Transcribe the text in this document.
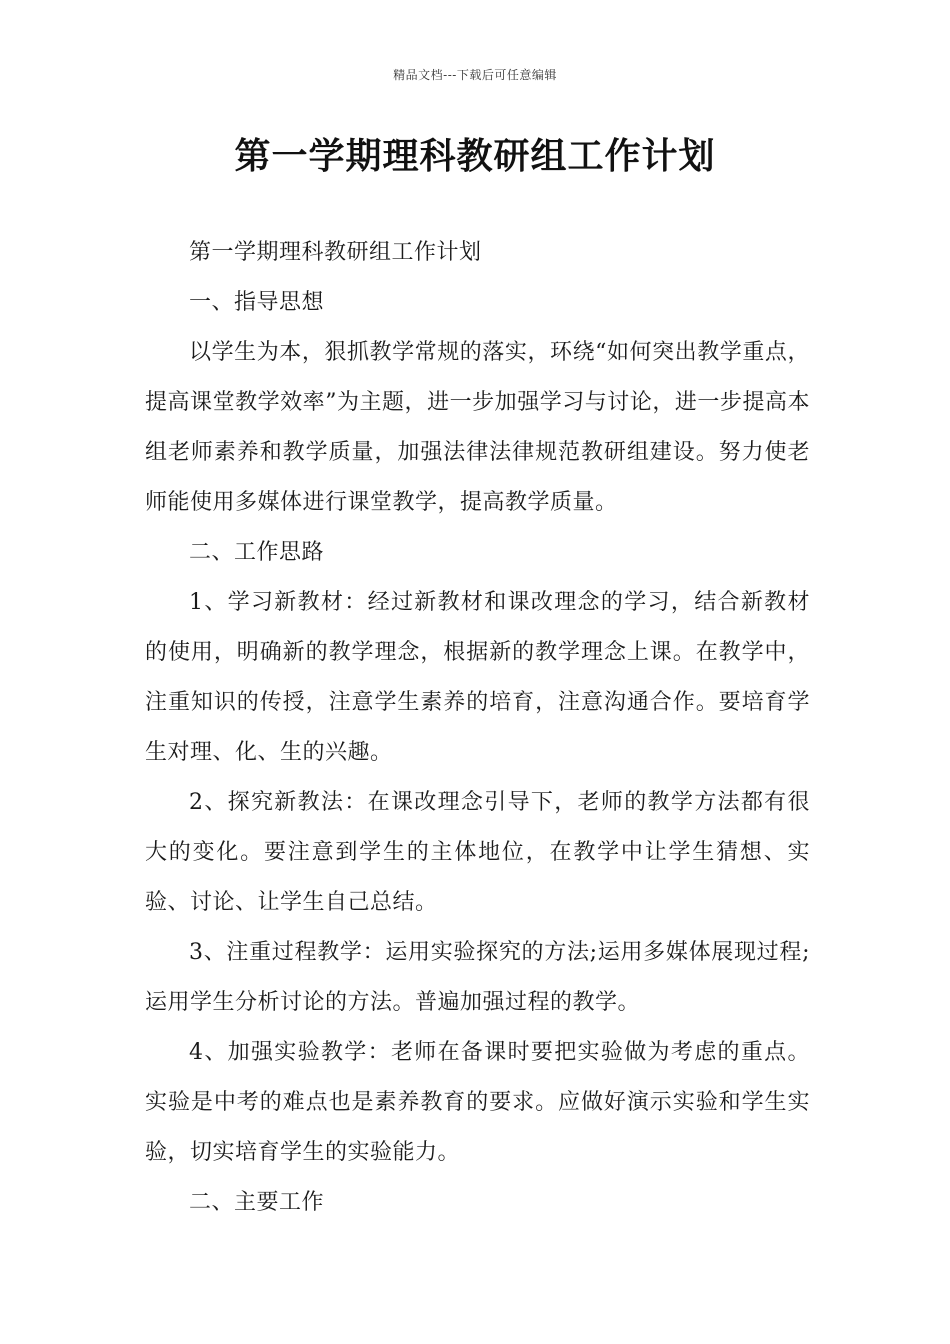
精品文档---下载后可任意编辑
第一学期理科教研组工作计划

第一学期理科教研组工作计划

一、指导思想

以学生为本，狠抓教学常规的落实，环绕“如何突出教学重点，提高课堂教学效率”为主题，进一步加强学习与讨论，进一步提高本组老师素养和教学质量，加强法律法律规范教研组建设。努力使老师能使用多媒体进行课堂教学，提高教学质量。

二、工作思路

1、学习新教材：经过新教材和课改理念的学习，结合新教材的使用，明确新的教学理念，根据新的教学理念上课。在教学中，注重知识的传授，注意学生素养的培育，注意沟通合作。要培育学生对理、化、生的兴趣。

2、探究新教法：在课改理念引导下，老师的教学方法都有很大的变化。要注意到学生的主体地位，在教学中让学生猜想、实验、讨论、让学生自己总结。

3、注重过程教学：运用实验探究的方法;运用多媒体展现过程;运用学生分析讨论的方法。普遍加强过程的教学。

4、加强实验教学：老师在备课时要把实验做为考虑的重点。实验是中考的难点也是素养教育的要求。应做好演示实验和学生实验，切实培育学生的实验能力。

二、主要工作
